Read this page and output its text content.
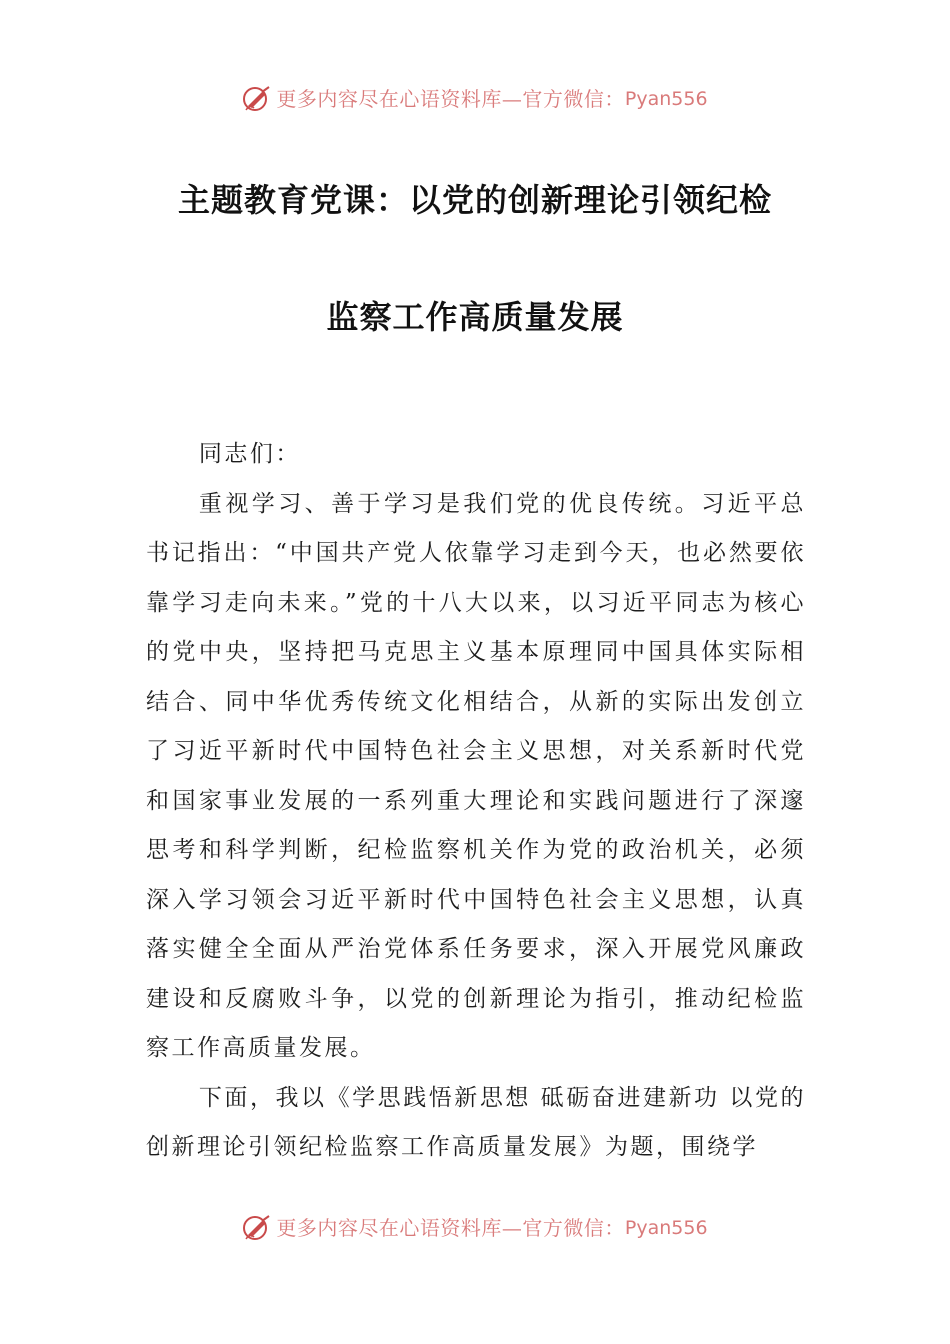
更多内容尽在心语资料库—官方微信： Pyan556
主题教育党课：以党的创新理论引领纪检
监察工作高质量发展

同志们：

重视学习、善于学习是我们党的优良传统。习近平总书记指出：“中国共产党人依靠学习走到今天，也必然要依靠学习走向未来。”党的十八大以来，以习近平同志为核心的党中央，坚持把马克思主义基本原理同中国具体实际相结合、同中华优秀传统文化相结合，从新的实际出发创立了习近平新时代中国特色社会主义思想，对关系新时代党和国家事业发展的一系列重大理论和实践问题进行了深邃思考和科学判断，纪检监察机关作为党的政治机关，必须深入学习领会习近平新时代中国特色社会主义思想，认真落实健全全面从严治党体系任务要求，深入开展党风廉政建设和反腐败斗争，以党的创新理论为指引，推动纪检监察工作高质量发展。

下面，我以《学思践悟新思想 砥砺奋进建新功 以党的创新理论引领纪检监察工作高质量发展》为题，围绕学

更多内容尽在心语资料库—官方微信： Pyan556
